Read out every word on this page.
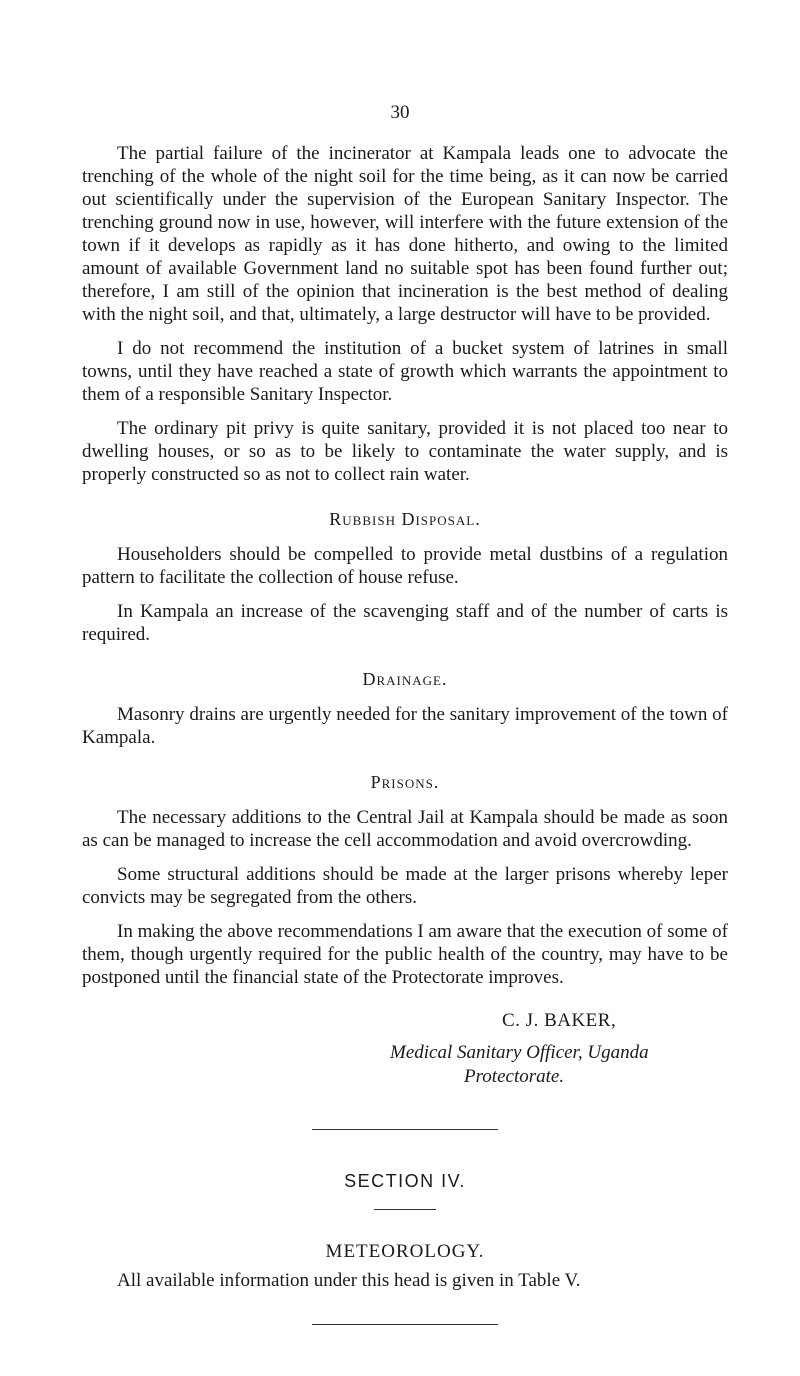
30

The partial failure of the incinerator at Kampala leads one to advocate the trenching of the whole of the night soil for the time being, as it can now be carried out scientifically under the supervision of the European Sanitary Inspector. The trenching ground now in use, however, will interfere with the future extension of the town if it develops as rapidly as it has done hitherto, and owing to the limited amount of available Government land no suitable spot has been found further out; therefore, I am still of the opinion that incineration is the best method of dealing with the night soil, and that, ultimately, a large destructor will have to be provided.

I do not recommend the institution of a bucket system of latrines in small towns, until they have reached a state of growth which warrants the appointment to them of a responsible Sanitary Inspector.

The ordinary pit privy is quite sanitary, provided it is not placed too near to dwelling houses, or so as to be likely to contaminate the water supply, and is properly constructed so as not to collect rain water.

Rubbish Disposal.

Householders should be compelled to provide metal dustbins of a regulation pattern to facilitate the collection of house refuse.

In Kampala an increase of the scavenging staff and of the number of carts is required.

Drainage.

Masonry drains are urgently needed for the sanitary improvement of the town of Kampala.

Prisons.

The necessary additions to the Central Jail at Kampala should be made as soon as can be managed to increase the cell accommodation and avoid overcrowding.

Some structural additions should be made at the larger prisons whereby leper convicts may be segregated from the others.

In making the above recommendations I am aware that the execution of some of them, though urgently required for the public health of the country, may have to be postponed until the financial state of the Protectorate improves.

C. J. BAKER,
Medical Sanitary Officer, Uganda
Protectorate.
SECTION IV.
METEOROLOGY.

All available information under this head is given in Table V.
